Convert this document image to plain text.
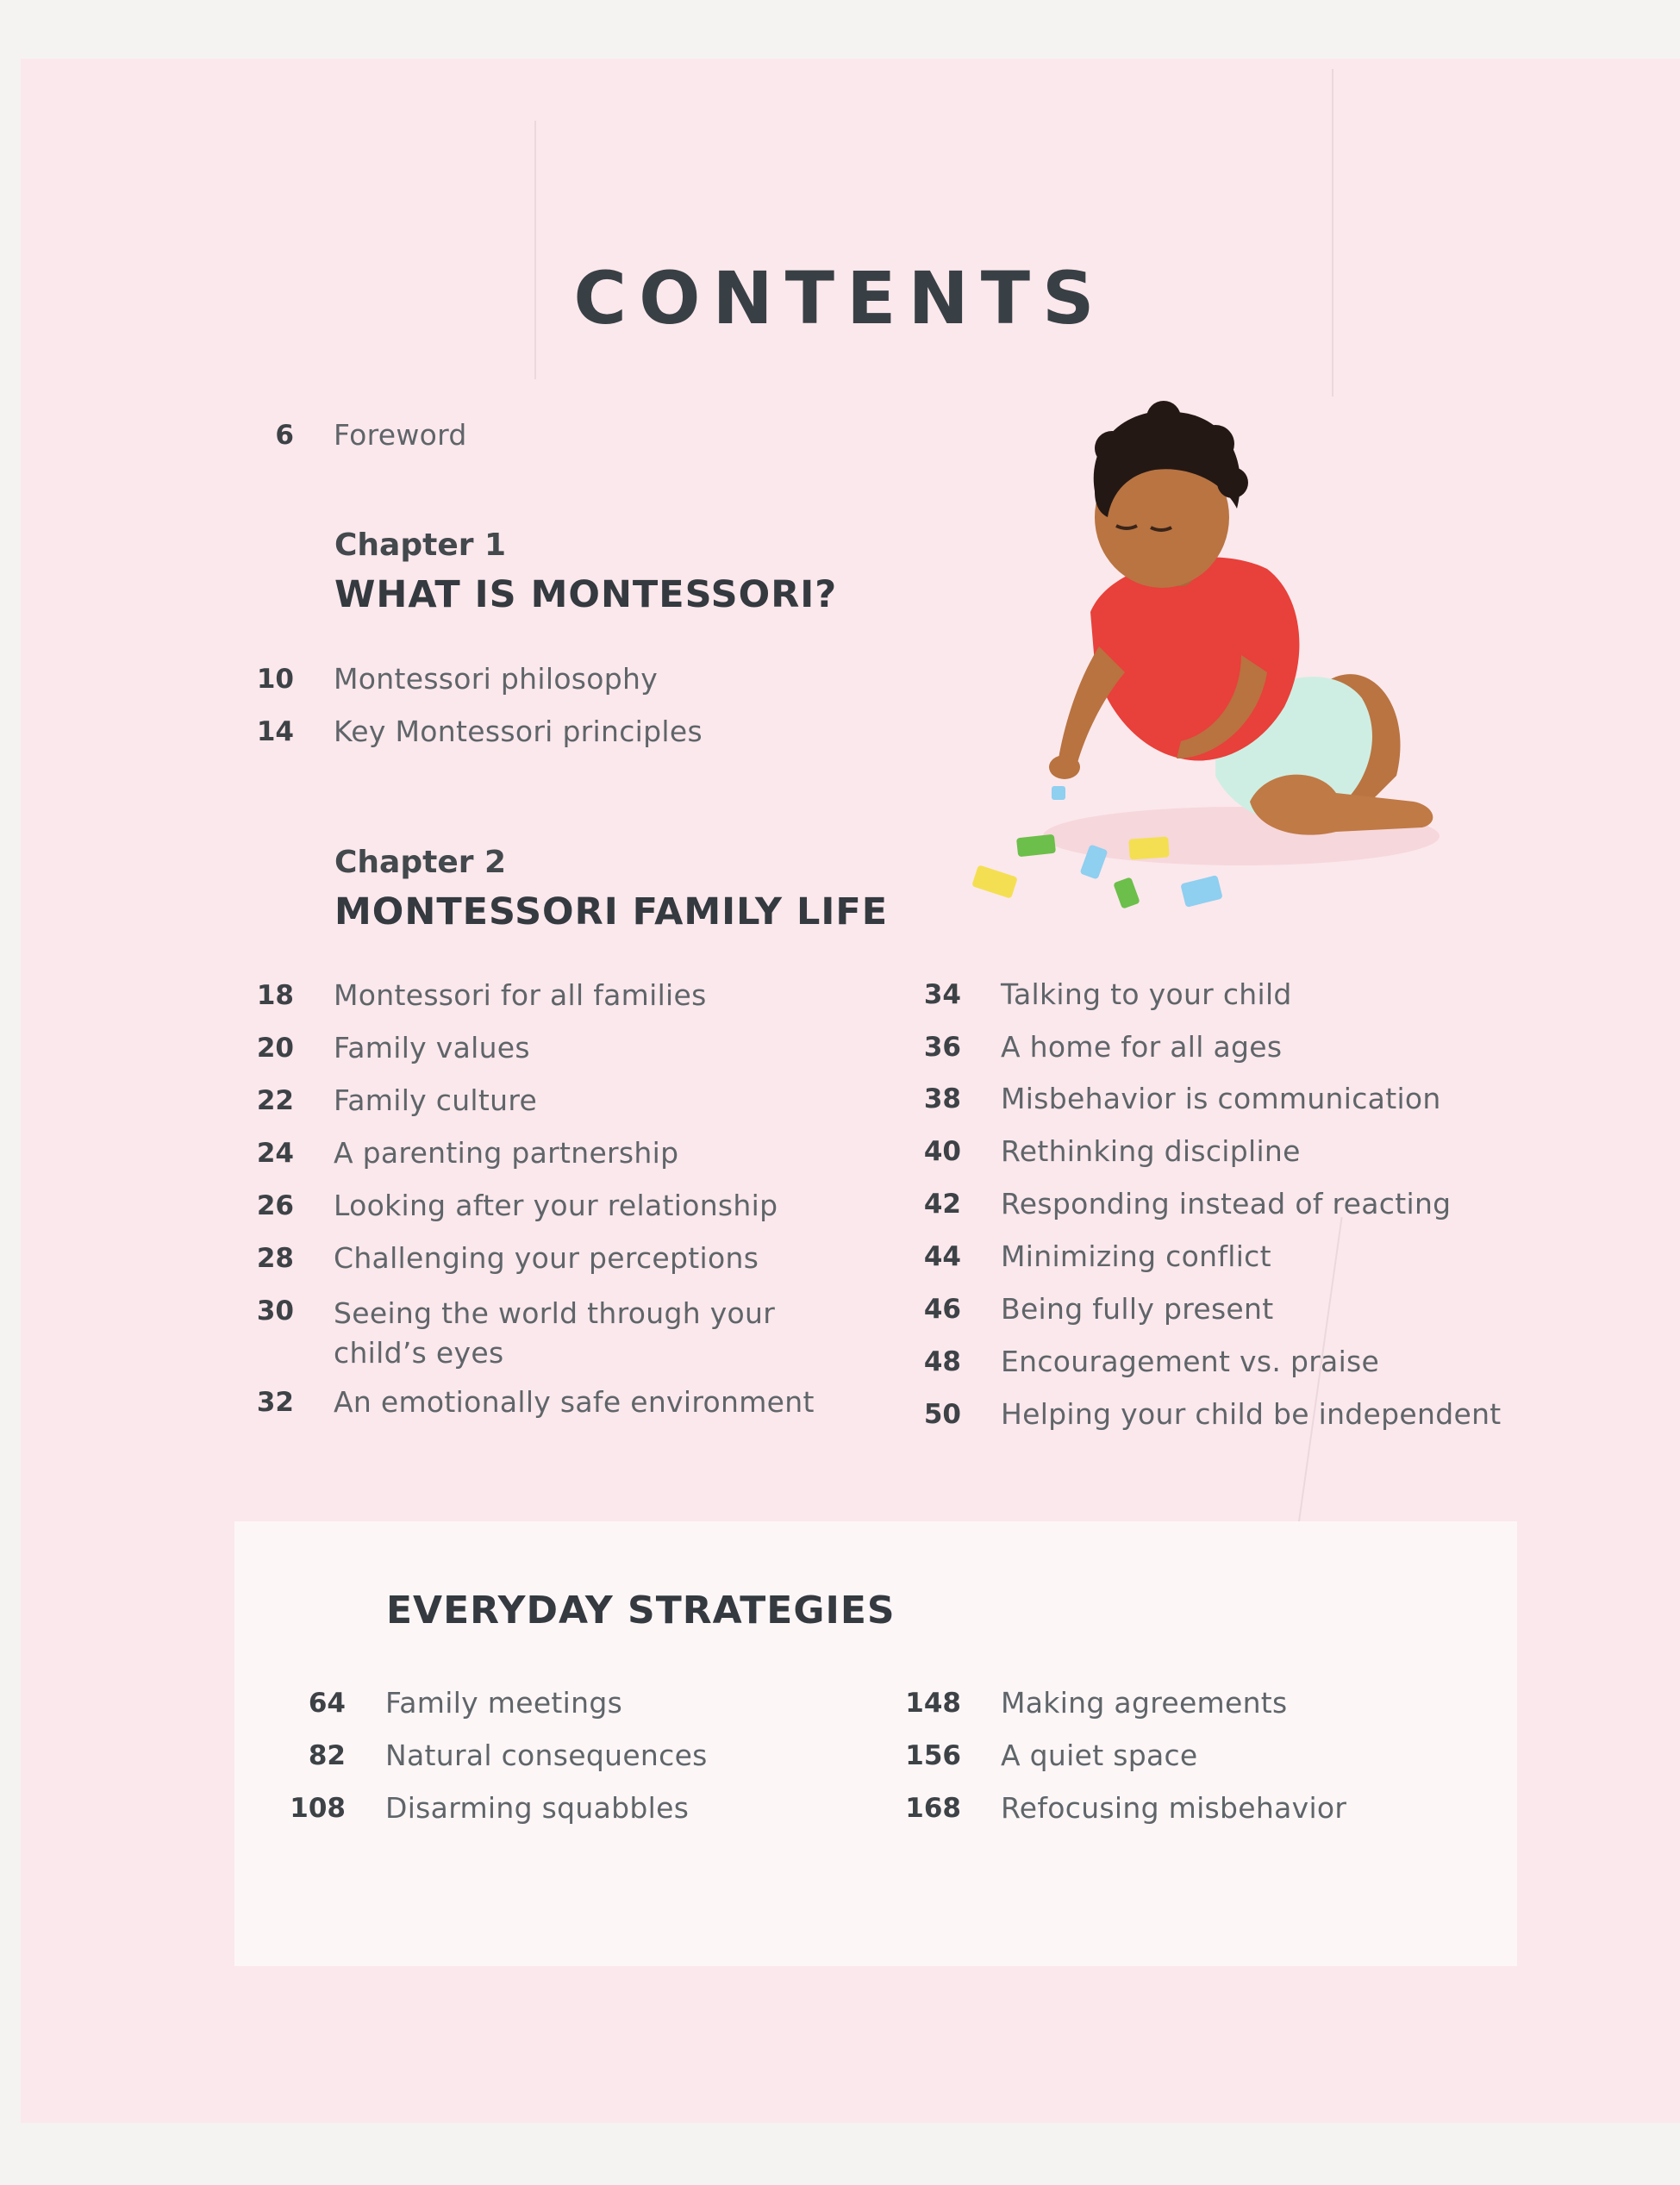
CONTENTS
6 Foreword
Chapter 1
WHAT IS MONTESSORI?
10 Montessori philosophy
14 Key Montessori principles
Chapter 2
MONTESSORI FAMILY LIFE
18 Montessori for all families
20 Family values
22 Family culture
24 A parenting partnership
26 Looking after your relationship
28 Challenging your perceptions
30 Seeing the world through your child’s eyes
32 An emotionally safe environment
34 Talking to your child
36 A home for all ages
38 Misbehavior is communication
40 Rethinking discipline
42 Responding instead of reacting
44 Minimizing conflict
46 Being fully present
48 Encouragement vs. praise
50 Helping your child be independent
EVERYDAY STRATEGIES
64 Family meetings
82 Natural consequences
108 Disarming squabbles
148 Making agreements
156 A quiet space
168 Refocusing misbehavior
